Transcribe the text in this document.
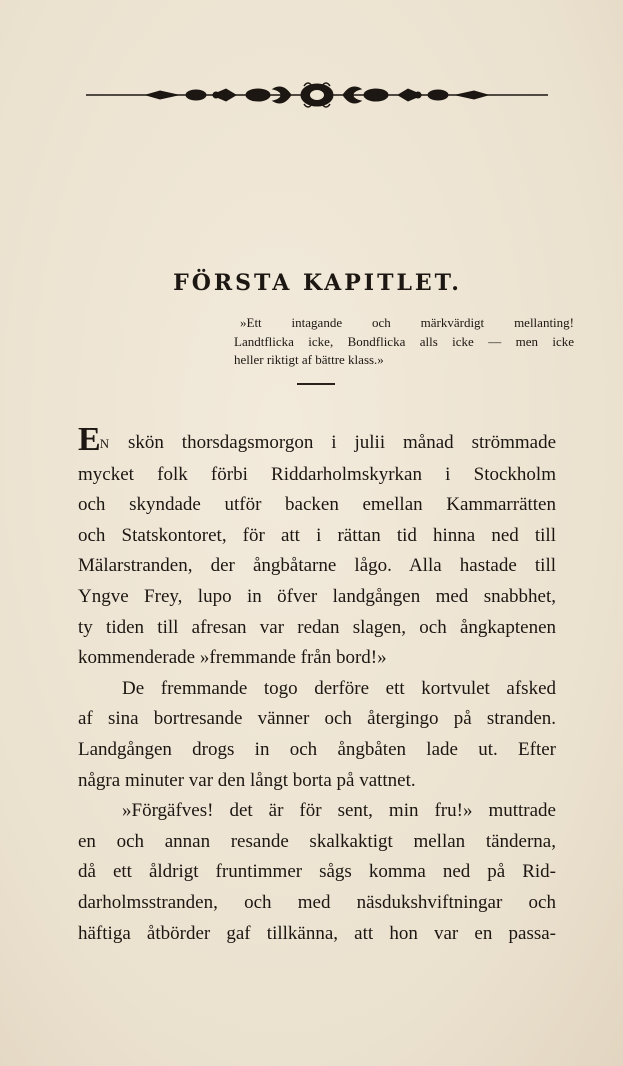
FÖRSTA KAPITLET.

»Ett intagande och märkvärdigt mellanting!
Landtflicka icke, Bondflicka alls icke — men icke
heller riktigt af bättre klass.»

EN skön thorsdagsmorgon i julii månad strömmade
mycket folk förbi Riddarholmskyrkan i Stockholm
och skyndade utför backen emellan Kammarrätten
och Statskontoret, för att i rättan tid hinna ned till
Mälarstranden, der ångbåtarne lågo. Alla hastade till
Yngve Frey, lupo in öfver landgången med snabbhet,
ty tiden till afresan var redan slagen, och ångkaptenen
kommenderade »fremmande från bord!»
De fremmande togo derföre ett kortvulet afsked
af sina bortresande vänner och återgingo på stranden.
Landgången drogs in och ångbåten lade ut. Efter
några minuter var den långt borta på vattnet.
»Förgäfves! det är för sent, min fru!» muttrade
en och annan resande skalkaktigt mellan tänderna,
då ett åldrigt fruntimmer sågs komma ned på Rid-
darholmsstranden, och med näsdukshviftningar och
häftiga åtbörder gaf tillkänna, att hon var en passa-
